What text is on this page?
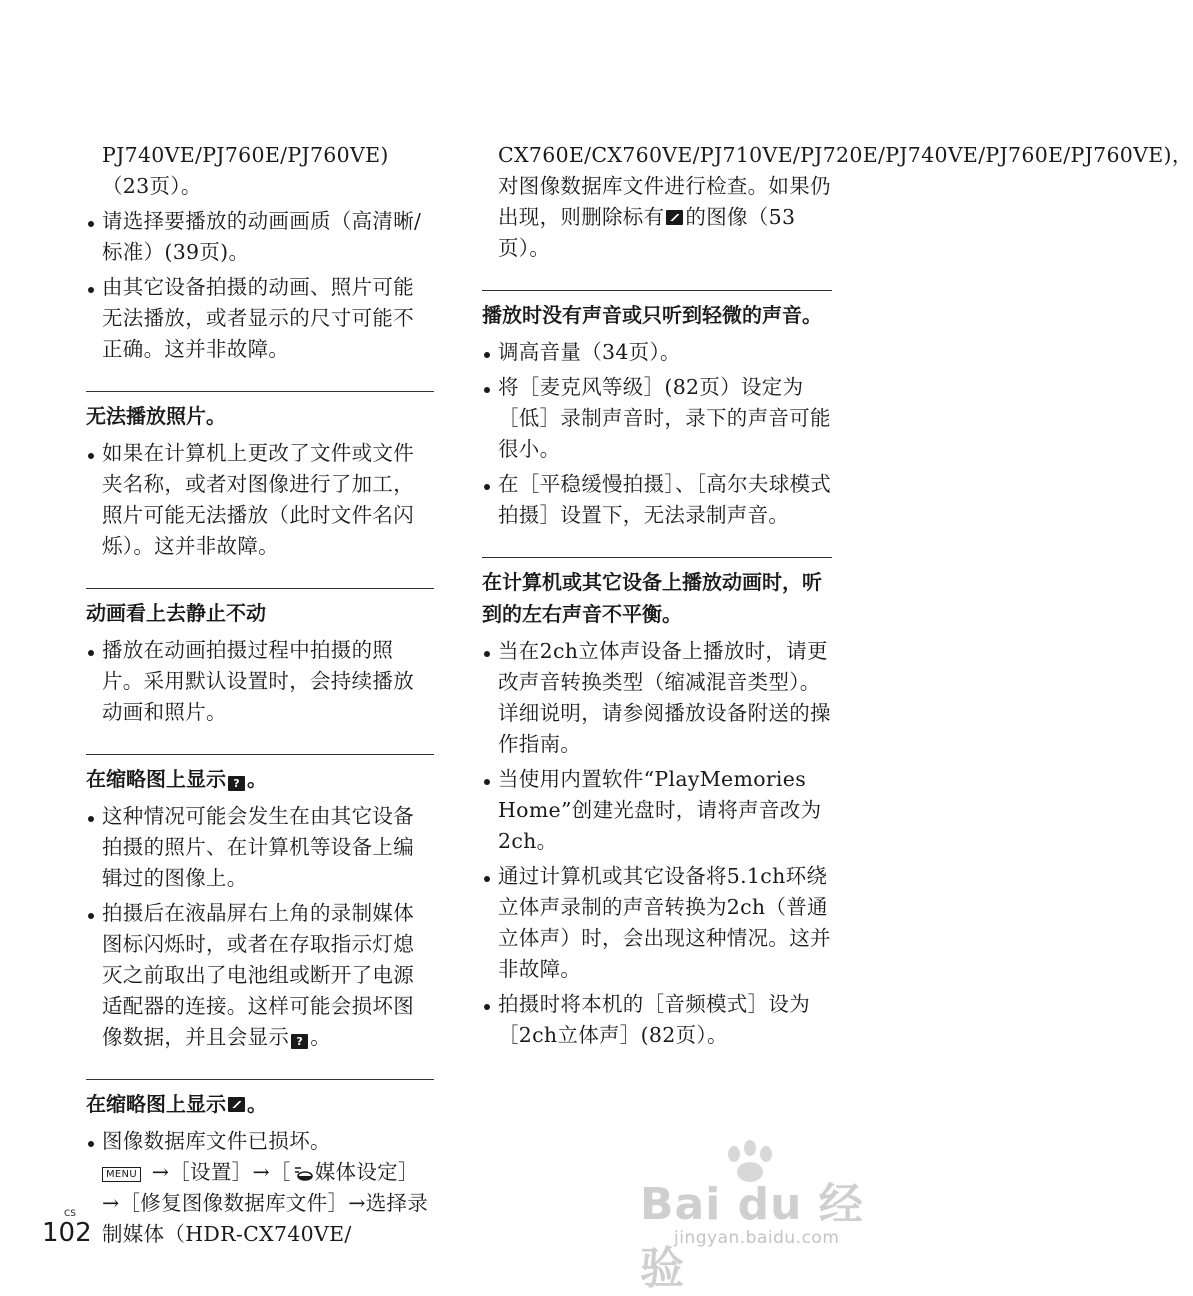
PJ740VE/PJ760E/PJ760VE)（23页）。

请选择要播放的动画画质（高清晰/标准）(39页)。

由其它设备拍摄的动画、照片可能无法播放，或者显示的尺寸可能不正确。这并非故障。

无法播放照片。

如果在计算机上更改了文件或文件夹名称，或者对图像进行了加工，照片可能无法播放（此时文件名闪烁）。这并非故障。

动画看上去静止不动

播放在动画拍摄过程中拍摄的照片。采用默认设置时，会持续播放动画和照片。

在缩略图上显示 ? 。

这种情况可能会发生在由其它设备拍摄的照片、在计算机等设备上编辑过的图像上。

拍摄后在液晶屏右上角的录制媒体图标闪烁时，或者在存取指示灯熄灭之前取出了电池组或断开了电源适配器的连接。这样可能会损坏图像数据，并且会显示 ? 。

在缩略图上显示 。

图像数据库文件已损坏。

MENU →［设置］→［ 媒体设定］→［修复图像数据库文件］→选择录制媒体（HDR-CX740VE/

CX760E/CX760VE/PJ710VE/PJ720E/PJ740VE/PJ760E/PJ760VE)，对图像数据库文件进行检查。如果仍出现，则删除标有 的图像（53页）。

播放时没有声音或只听到轻微的声音。

调高音量（34页）。

将［麦克风等级］(82页）设定为［低］录制声音时，录下的声音可能很小。

在［平稳缓慢拍摄］、［高尔夫球模式拍摄］设置下，无法录制声音。

在计算机或其它设备上播放动画时，听到的左右声音不平衡。

当在2ch立体声设备上播放时，请更改声音转换类型（缩减混音类型）。详细说明，请参阅播放设备附送的操作指南。

当使用内置软件“PlayMemories Home”创建光盘时，请将声音改为2ch。

通过计算机或其它设备将5.1ch环绕立体声录制的声音转换为2ch（普通立体声）时，会出现这种情况。这并非故障。

拍摄时将本机的［音频模式］设为［2ch立体声］(82页）。

CS
102
Bai du 经验
jingyan.baidu.com
